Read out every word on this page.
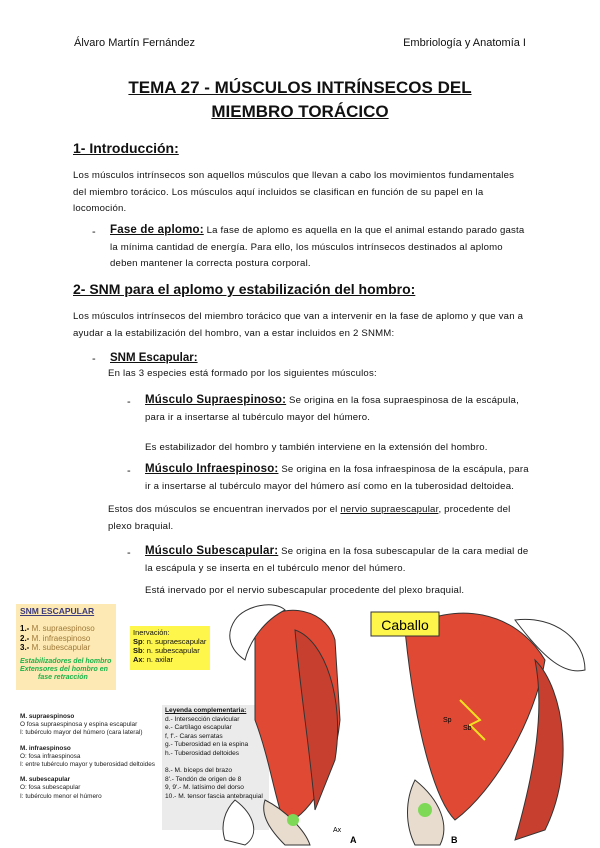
Álvaro Martín Fernández	Embriología y Anatomía I
TEMA 27 - MÚSCULOS INTRÍNSECOS DEL
MIEMBRO TORÁCICO
1- Introducción:
Los músculos intrínsecos son aquellos músculos que llevan a cabo los movimientos fundamentales
del miembro torácico. Los músculos aquí incluidos se clasifican en función de su papel en la
locomoción.
- Fase de aplomo: La fase de aplomo es aquella en la que el animal estando parado gasta
la mínima cantidad de energía. Para ello, los músculos intrínsecos destinados al aplomo
deben mantener la correcta postura corporal.
2- SNM para el aplomo y estabilización del hombro:
Los músculos intrínsecos del miembro torácico que van a intervenir en la fase de aplomo y que van a
ayudar a la estabilización del hombro, van a estar incluidos en 2 SNMM:
- SNM Escapular:
En las 3 especies está formado por los siguientes músculos:
- Músculo Supraespinoso: Se origina en la fosa supraespinosa de la escápula,
para ir a insertarse al tubérculo mayor del húmero.
Es estabilizador del hombro y también interviene en la extensión del hombro.
- Músculo Infraespinoso: Se origina en la fosa infraespinosa de la escápula, para
ir a insertarse al tubérculo mayor del húmero así como en la tuberosidad deltoidea.
Estos dos músculos se encuentran inervados por el nervio supraescapular, procedente del
plexo braquial.
- Músculo Subescapular: Se origina en la fosa subescapular de la cara medial de
la escápula y se inserta en el tubérculo menor del húmero.
Está inervado por el nervio subescapular procedente del plexo braquial.
SNM ESCAPULAR
1.- M. supraespinoso
2.- M. infraespinoso
3.- M. subescapular
Estabilizadores del hombro
Extensores del hombro en
fase retracción
Inervación:
Sp: n. supraescapular
Sb: n. subescapular
Ax: n. axilar
M. supraespinoso
O fosa supraespinosa y espina escapular
I: tubérculo mayor del húmero (cara lateral)
M. infraespinoso
O: fosa infraespinosa
I: entre tubérculo mayor y tuberosidad deltoides
M. subescapular
O: fosa subescapular
I: tubérculo menor el húmero
Leyenda complementaria:
d.- Intersección clavicular
e.- Cartílago escapular
f, f'.- Caras serratas
g.- Tuberosidad en la espina
h.- Tuberosidad deltoides
8.- M. bíceps del brazo
8'.- Tendón de origen de 8
9, 9'.- M. latísimo del dorso
10.- M. tensor fascia antebraquial
Caballo
A	B
Ax
Sp
Sb
